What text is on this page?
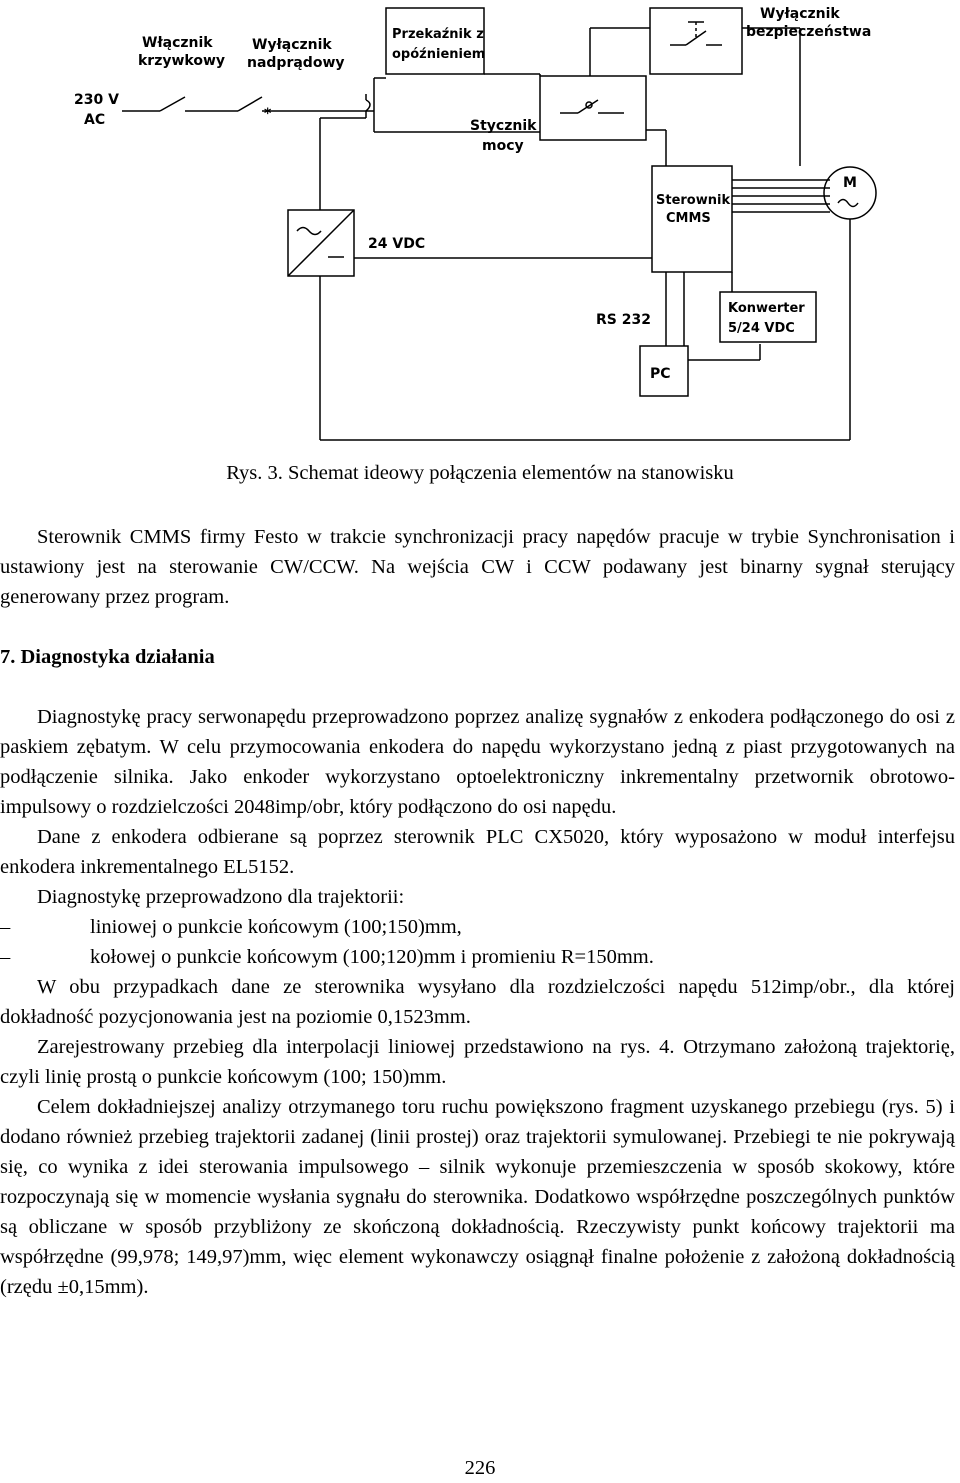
Włącznik
krzywkowy
Wyłącznik
nadprądowy
Przekaźnik z
opóźnieniem
Wyłącznik
bezpieczeństwa
230 V
AC	Stycznik
mocy
Sterownik
CMMS
M
24 VDC
RS 232
Konwerter
5/24 VDC
PC
*
Rys. 3. Schemat ideowy połączenia elementów na stanowisku

Sterownik CMMS firmy Festo w trakcie synchronizacji pracy napędów pracuje w trybie Synchronisation i ustawiony jest na sterowanie CW/CCW. Na wejścia CW i CCW podawany jest binarny sygnał sterujący generowany przez program.

7. Diagnostyka działania

Diagnostykę pracy serwonapędu przeprowadzono poprzez analizę sygnałów z enkodera podłączonego do osi z paskiem zębatym. W celu przymocowania enkodera do napędu wykorzystano jedną z piast przygotowanych na podłączenie silnika. Jako enkoder wykorzystano optoelektroniczny inkrementalny przetwornik obrotowo-impulsowy o rozdzielczości 2048imp/obr, który podłączono do osi napędu.

Dane z enkodera odbierane są poprzez sterownik PLC CX5020, który wyposażono w moduł interfejsu enkodera inkrementalnego EL5152.

Diagnostykę przeprowadzono dla trajektorii:

–	liniowej o punkcie końcowym (100;150)mm,

–	kołowej o punkcie końcowym (100;120)mm i promieniu R=150mm.

W obu przypadkach dane ze sterownika wysyłano dla rozdzielczości napędu 512imp/obr., dla której dokładność pozycjonowania jest na poziomie 0,1523mm.

Zarejestrowany przebieg dla interpolacji liniowej przedstawiono na rys. 4. Otrzymano założoną trajektorię, czyli linię prostą o punkcie końcowym (100; 150)mm.

Celem dokładniejszej analizy otrzymanego toru ruchu powiększono fragment uzyskanego przebiegu (rys. 5) i dodano również przebieg trajektorii zadanej (linii prostej) oraz trajektorii symulowanej. Przebiegi te nie pokrywają się, co wynika z idei sterowania impulsowego – silnik wykonuje przemieszczenia w sposób skokowy, które rozpoczynają się w momencie wysłania sygnału do sterownika. Dodatkowo współrzędne poszczególnych punktów są obliczane w sposób przybliżony ze skończoną dokładnością. Rzeczywisty punkt końcowy trajektorii ma współrzędne (99,978; 149,97)mm, więc element wykonawczy osiągnął finalne położenie z założoną dokładnością (rzędu ±0,15mm).

226
